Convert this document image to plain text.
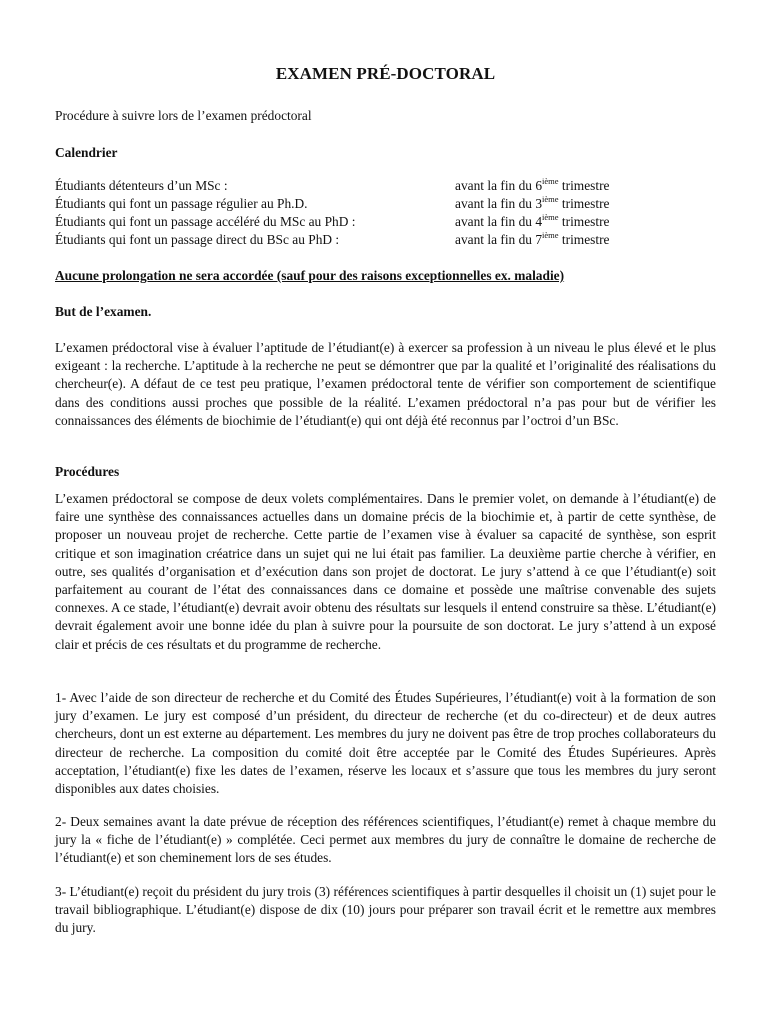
EXAMEN PRÉ-DOCTORAL
Procédure à suivre lors de l’examen prédoctoral
Calendrier
Étudiants détenteurs d’un MSc :	avant la fin du 6ième trimestre
Étudiants qui font un passage régulier au Ph.D.	avant la fin du 3ième trimestre
Étudiants qui font un passage accéléré du MSc au PhD :	avant la fin du 4ième trimestre
Étudiants qui font un passage direct du BSc au PhD :	avant la fin du 7ième trimestre
Aucune prolongation ne sera accordée (sauf pour des raisons exceptionnelles ex. maladie)
But de l’examen.

L’examen prédoctoral vise à évaluer l’aptitude de l’étudiant(e) à exercer sa profession à un niveau le plus élevé et le plus exigeant : la recherche. L’aptitude à la recherche ne peut se démontrer que par la qualité et l’originalité des réalisations du chercheur(e). A défaut de ce test peu pratique, l’examen prédoctoral tente de vérifier son comportement de scientifique dans des conditions aussi proches que possible de la réalité. L’examen prédoctoral n’a pas pour but de vérifier les connaissances des éléments de biochimie de l’étudiant(e) qui ont déjà été reconnus par l’octroi d’un BSc.

Procédures

L’examen prédoctoral se compose de deux volets complémentaires. Dans le premier volet, on demande à l’étudiant(e) de faire une synthèse des connaissances actuelles dans un domaine précis de la biochimie et, à partir de cette synthèse, de proposer un nouveau projet de recherche. Cette partie de l’examen vise à évaluer sa capacité de synthèse, son esprit critique et son imagination créatrice dans un sujet qui ne lui était pas familier. La deuxième partie cherche à vérifier, en outre, ses qualités d’organisation et d’exécution dans son projet de doctorat. Le jury s’attend à ce que l’étudiant(e) soit parfaitement au courant de l’état des connaissances dans ce domaine et possède une maîtrise convenable des sujets connexes. A ce stade, l’étudiant(e) devrait avoir obtenu des résultats sur lesquels il entend construire sa thèse. L’étudiant(e) devrait également avoir une bonne idée du plan à suivre pour la poursuite de son doctorat. Le jury s’attend à un exposé clair et précis de ces résultats et du programme de recherche.

1- Avec l’aide de son directeur de recherche et du Comité des Études Supérieures, l’étudiant(e) voit à la formation de son jury d’examen. Le jury est composé d’un président, du directeur de recherche (et du co-directeur) et de deux autres chercheurs, dont un est externe au département. Les membres du jury ne doivent pas être de trop proches collaborateurs du directeur de recherche. La composition du comité doit être acceptée par le Comité des Études Supérieures. Après acceptation, l’étudiant(e) fixe les dates de l’examen, réserve les locaux et s’assure que tous les membres du jury seront disponibles aux dates choisies.

2- Deux semaines avant la date prévue de réception des références scientifiques, l’étudiant(e) remet à chaque membre du jury la « fiche de l’étudiant(e) » complétée. Ceci permet aux membres du jury de connaître le domaine de recherche de l’étudiant(e) et son cheminement lors de ses études.

3- L’étudiant(e) reçoit du président du jury trois (3) références scientifiques à partir desquelles il choisit un (1) sujet pour le travail bibliographique. L’étudiant(e) dispose de dix (10) jours pour préparer son travail écrit et le remettre aux membres du jury.
